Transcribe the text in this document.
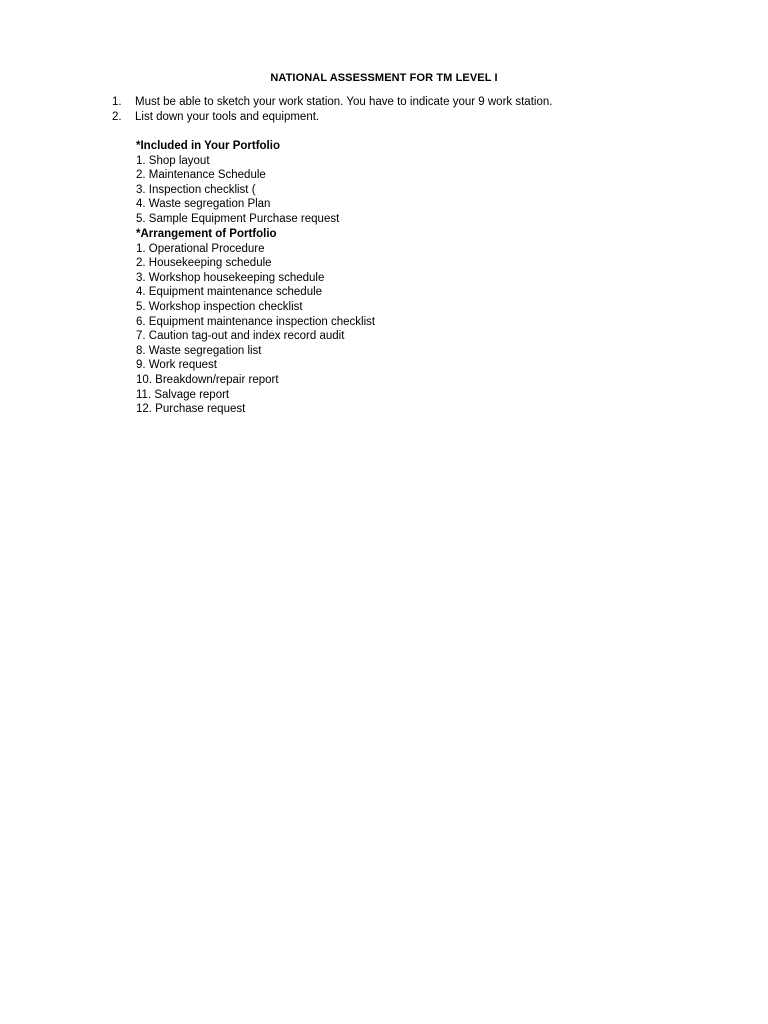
NATIONAL ASSESSMENT FOR TM LEVEL I
1. Must be able to sketch your work station. You have to indicate your 9 work station.
2. List down your tools and equipment.
*Included in Your Portfolio
1. Shop layout
2. Maintenance Schedule
3. Inspection checklist (
4. Waste segregation Plan
5. Sample Equipment Purchase request
*Arrangement of Portfolio
1. Operational Procedure
2. Housekeeping schedule
3. Workshop housekeeping schedule
4. Equipment maintenance schedule
5. Workshop inspection checklist
6. Equipment maintenance inspection checklist
7. Caution tag-out and index record audit
8. Waste segregation list
9. Work request
10. Breakdown/repair report
11. Salvage report
12. Purchase request
